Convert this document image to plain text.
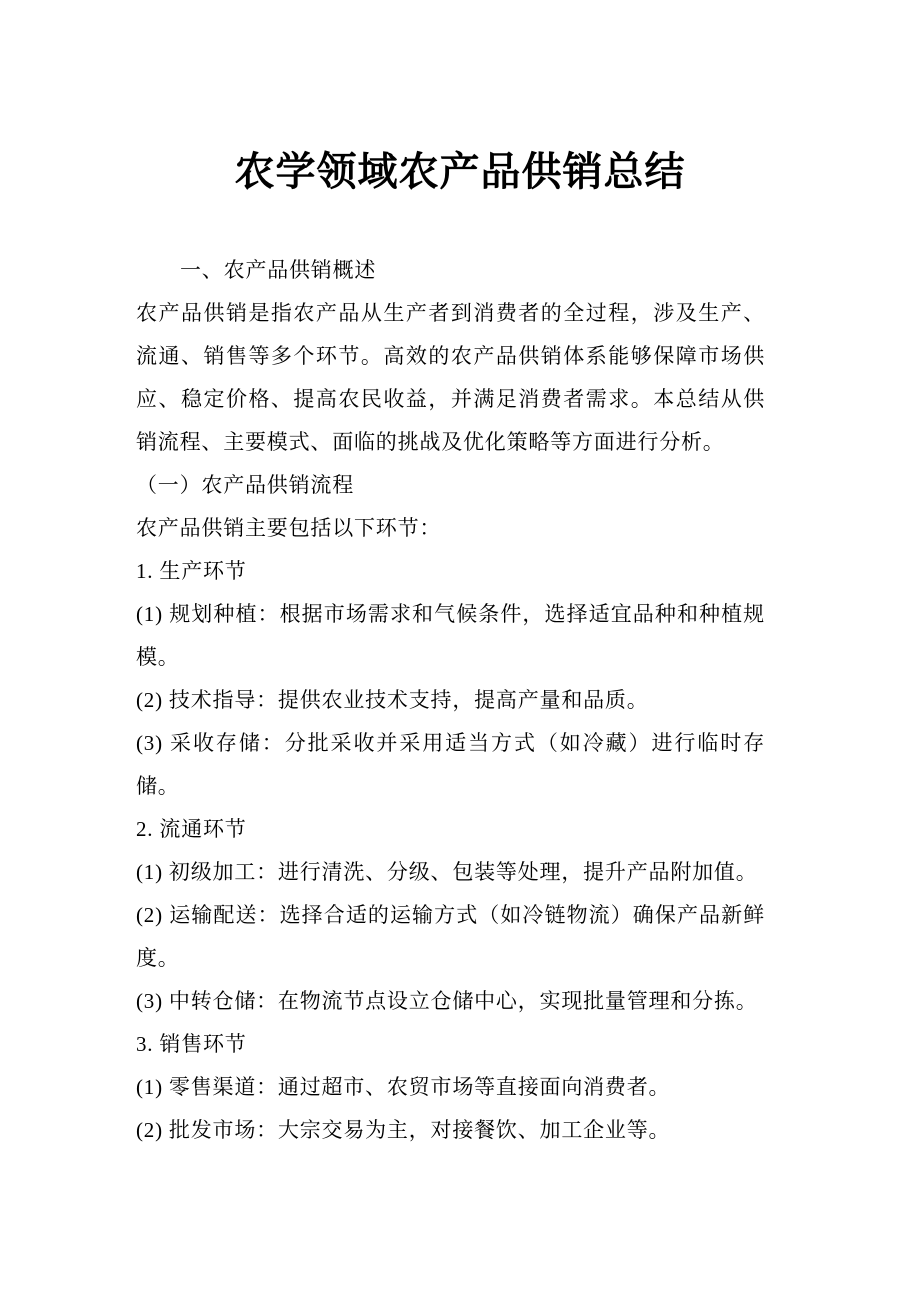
农学领域农产品供销总结

一、农产品供销概述

农产品供销是指农产品从生产者到消费者的全过程，涉及生产、流通、销售等多个环节。高效的农产品供销体系能够保障市场供应、稳定价格、提高农民收益，并满足消费者需求。本总结从供销流程、主要模式、面临的挑战及优化策略等方面进行分析。

（一）农产品供销流程

农产品供销主要包括以下环节：

1. 生产环节

(1) 规划种植：根据市场需求和气候条件，选择适宜品种和种植规模。

(2) 技术指导：提供农业技术支持，提高产量和品质。

(3) 采收存储：分批采收并采用适当方式（如冷藏）进行临时存储。

2. 流通环节

(1) 初级加工：进行清洗、分级、包装等处理，提升产品附加值。

(2) 运输配送：选择合适的运输方式（如冷链物流）确保产品新鲜度。

(3) 中转仓储：在物流节点设立仓储中心，实现批量管理和分拣。

3. 销售环节

(1) 零售渠道：通过超市、农贸市场等直接面向消费者。

(2) 批发市场：大宗交易为主，对接餐饮、加工企业等。
